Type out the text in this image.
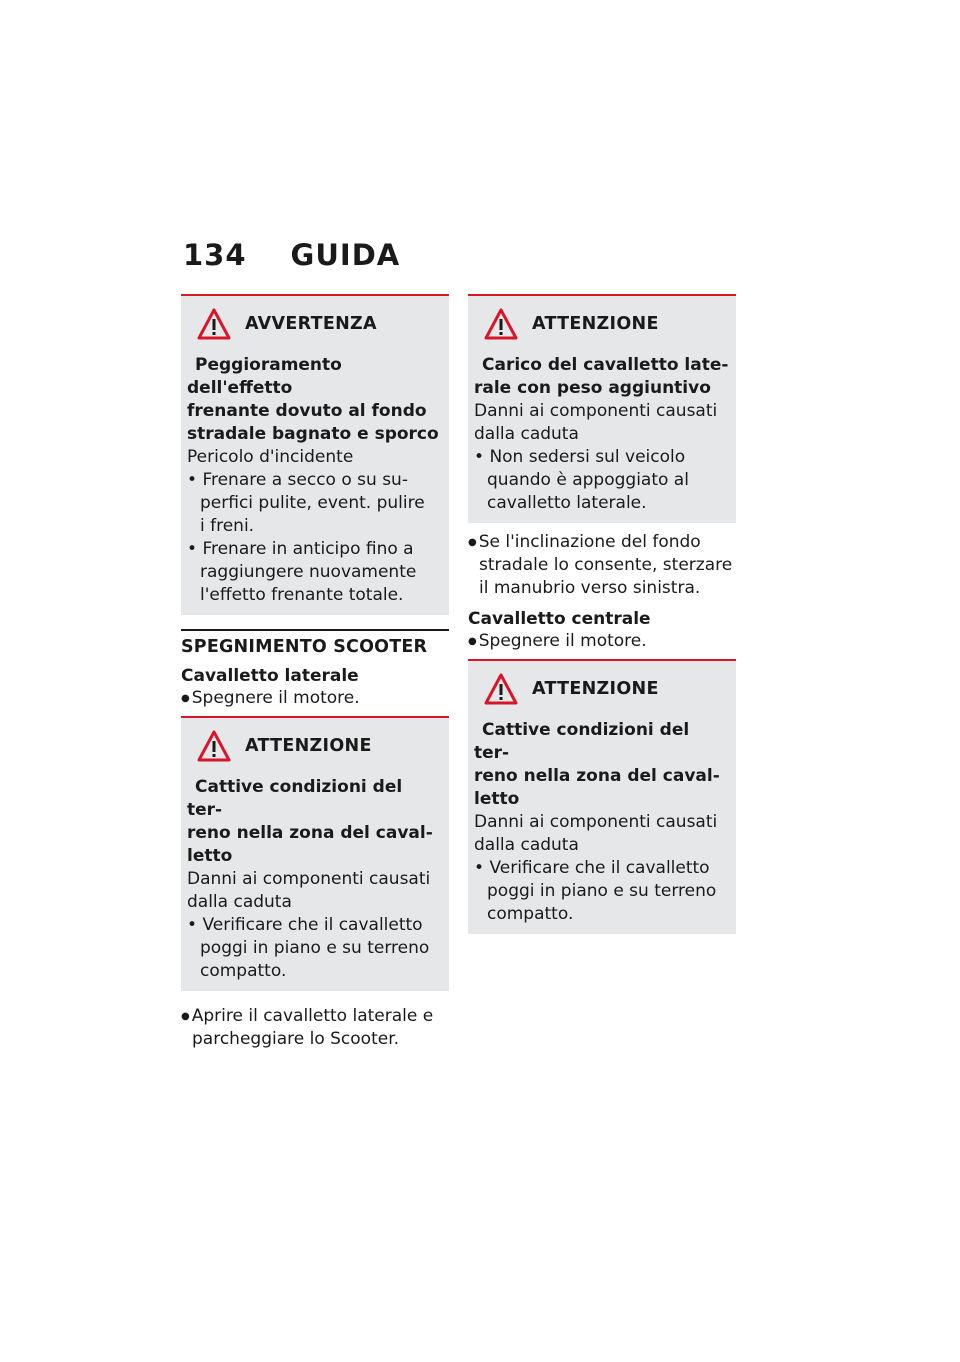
134 GUIDA
AVVERTENZA

Peggioramento dell'effetto
frenante dovuto al fondo
stradale bagnato e sporco

Pericolo d'incidente

• Frenare a secco o su su-
perfici pulite, event. pulire
i freni.
• Frenare in anticipo fino a
raggiungere nuovamente
l'effetto frenante totale.
SPEGNIMENTO SCOOTER
Cavalletto laterale

● Spegnere il motore.

ATTENZIONE

Cattive condizioni del ter-
reno nella zona del caval-
letto

Danni ai componenti causati
dalla caduta

• Verificare che il cavalletto
poggi in piano e su terreno
compatto.

● Aprire il cavalletto laterale e
parcheggiare lo Scooter.

ATTENZIONE

Carico del cavalletto late-
rale con peso aggiuntivo

Danni ai componenti causati
dalla caduta

• Non sedersi sul veicolo
quando è appoggiato al
cavalletto laterale.

● Se l'inclinazione del fondo
stradale lo consente, sterzare
il manubrio verso sinistra.

Cavalletto centrale

● Spegnere il motore.

ATTENZIONE

Cattive condizioni del ter-
reno nella zona del caval-
letto

Danni ai componenti causati
dalla caduta

• Verificare che il cavalletto
poggi in piano e su terreno
compatto.
